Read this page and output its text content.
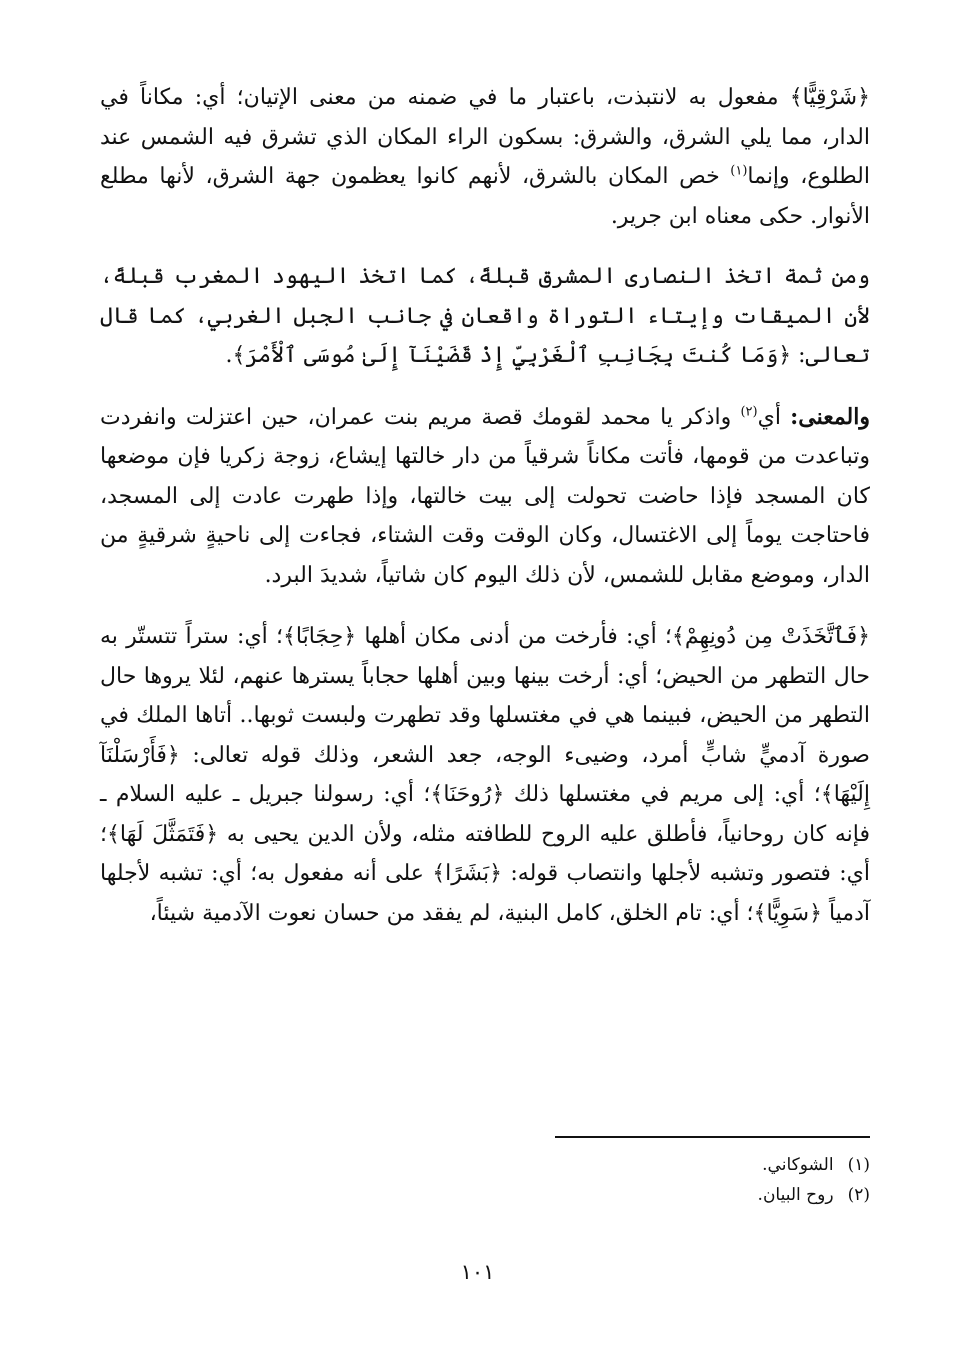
﴿شَرْقِيًّا﴾ مفعول به لانتبذت، باعتبار ما في ضمنه من معنى الإتيان؛ أي: مكاناً في الدار، مما يلي الشرق، والشرق: بسكون الراء المكان الذي تشرق فيه الشمس عند الطلوع، وإنما$^{(١)}$ خص المكان بالشرق، لأنهم كانوا يعظمون جهة الشرق، لأنها مطلع الأنوار. حكى معناه ابن جرير.

ومن ثمة اتخذ النصارى المشرق قبلةً، كما اتخذ اليهود المغرب قبلةً، لأن الميقات وإيتاء التوراة واقعان في جانب الجبل الغربي، كما قال تعالى: ﴿وَمَا كُنتَ بِجَانِبِ ٱلْغَرْبِيِّ إِذْ قَضَيْنَآ إِلَىٰ مُوسَى ٱلْأَمْرَ﴾.

والمعنى: أي$^{(٢)}$ واذكر يا محمد لقومك قصة مريم بنت عمران، حين اعتزلت وانفردت وتباعدت من قومها، فأتت مكاناً شرقياً من دار خالتها إيشاع، زوجة زكريا فإن موضعها كان المسجد فإذا حاضت تحولت إلى بيت خالتها، وإذا طهرت عادت إلى المسجد، فاحتاجت يوماً إلى الاغتسال، وكان الوقت وقت الشتاء، فجاءت إلى ناحيةٍ شرقيةٍ من الدار، وموضع مقابل للشمس، لأن ذلك اليوم كان شاتياً، شديدَ البرد.

﴿فَٱتَّخَذَتْ مِن دُونِهِمْ﴾؛ أي: فأرخت من أدنى مكان أهلها ﴿حِجَابًا﴾؛ أي: ستراً تتستّر به حال التطهر من الحيض؛ أي: أرخت بينها وبين أهلها حجاباً يسترها عنهم، لئلا يروها حال التطهر من الحيض، فبينما هي في مغتسلها وقد تطهرت ولبست ثوبها.. أتاها الملك في صورة آدميٍّ شابٍّ أمرد، وضيىء الوجه، جعد الشعر، وذلك قوله تعالى: ﴿فَأَرْسَلْنَآ إِلَيْهَا﴾؛ أي: إلى مريم في مغتسلها ذلك ﴿رُوحَنَا﴾؛ أي: رسولنا جبريل ـ عليه السلام ـ فإنه كان روحانياً، فأطلق عليه الروح للطافته مثله، ولأن الدين يحيى به ﴿فَتَمَثَّلَ لَهَا﴾؛ أي: فتصور وتشبه لأجلها وانتصاب قوله: ﴿بَشَرًا﴾ على أنه مفعول به؛ أي: تشبه لأجلها آدمياً ﴿سَوِيًّا﴾؛ أي: تام الخلق، كامل البنية، لم يفقد من حسان نعوت الآدمية شيئاً،

(١)الشوكاني.
(٢)روح البيان.
١٠١
